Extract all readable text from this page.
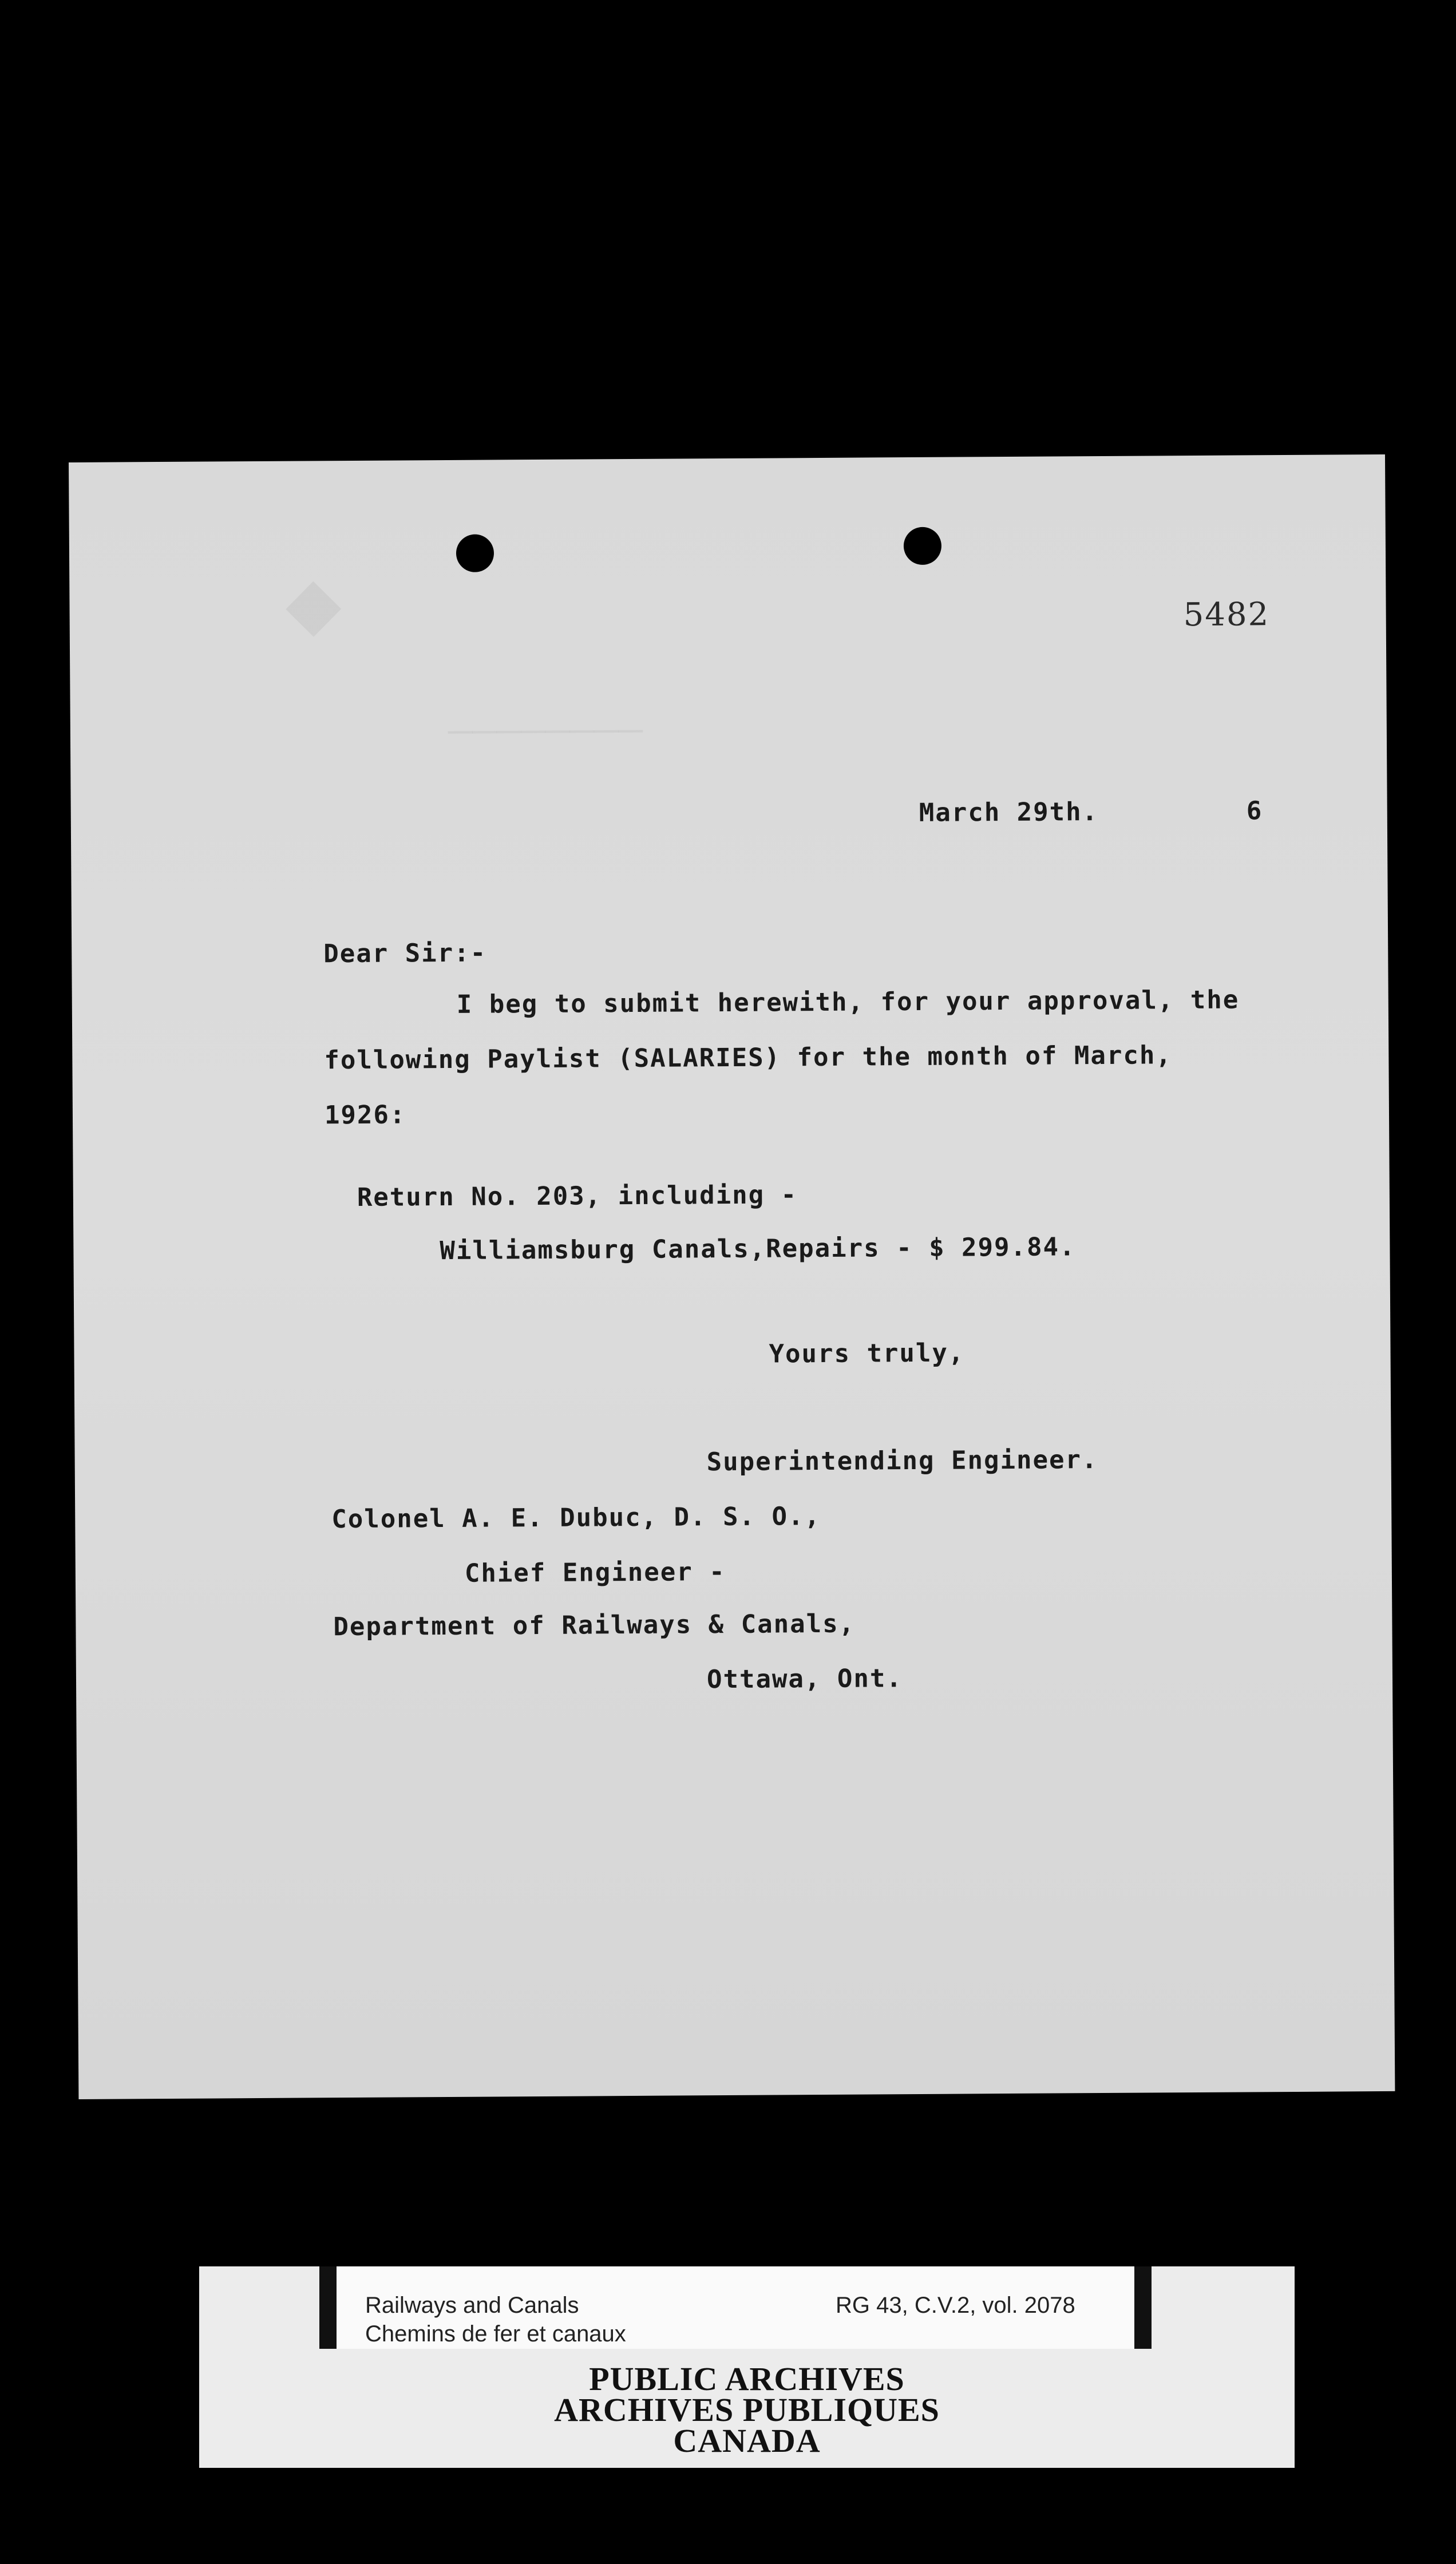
◆
────────
5482
March 29th.	6
Dear Sir:-
I beg to submit herewith, for your approval, the
following Paylist (SALARIES) for the month of March,
1926:
Return No. 203, including -
Williamsburg Canals,Repairs - $ 299.84.
Yours truly,
Superintending Engineer.
Colonel A. E. Dubuc, D. S. O.,
Chief Engineer -
Department of Railways & Canals,
Ottawa, Ont.
Railways and Canals
Chemins de fer et canaux
RG 43, C.V.2, vol. 2078
PUBLIC ARCHIVES
ARCHIVES PUBLIQUES
CANADA
